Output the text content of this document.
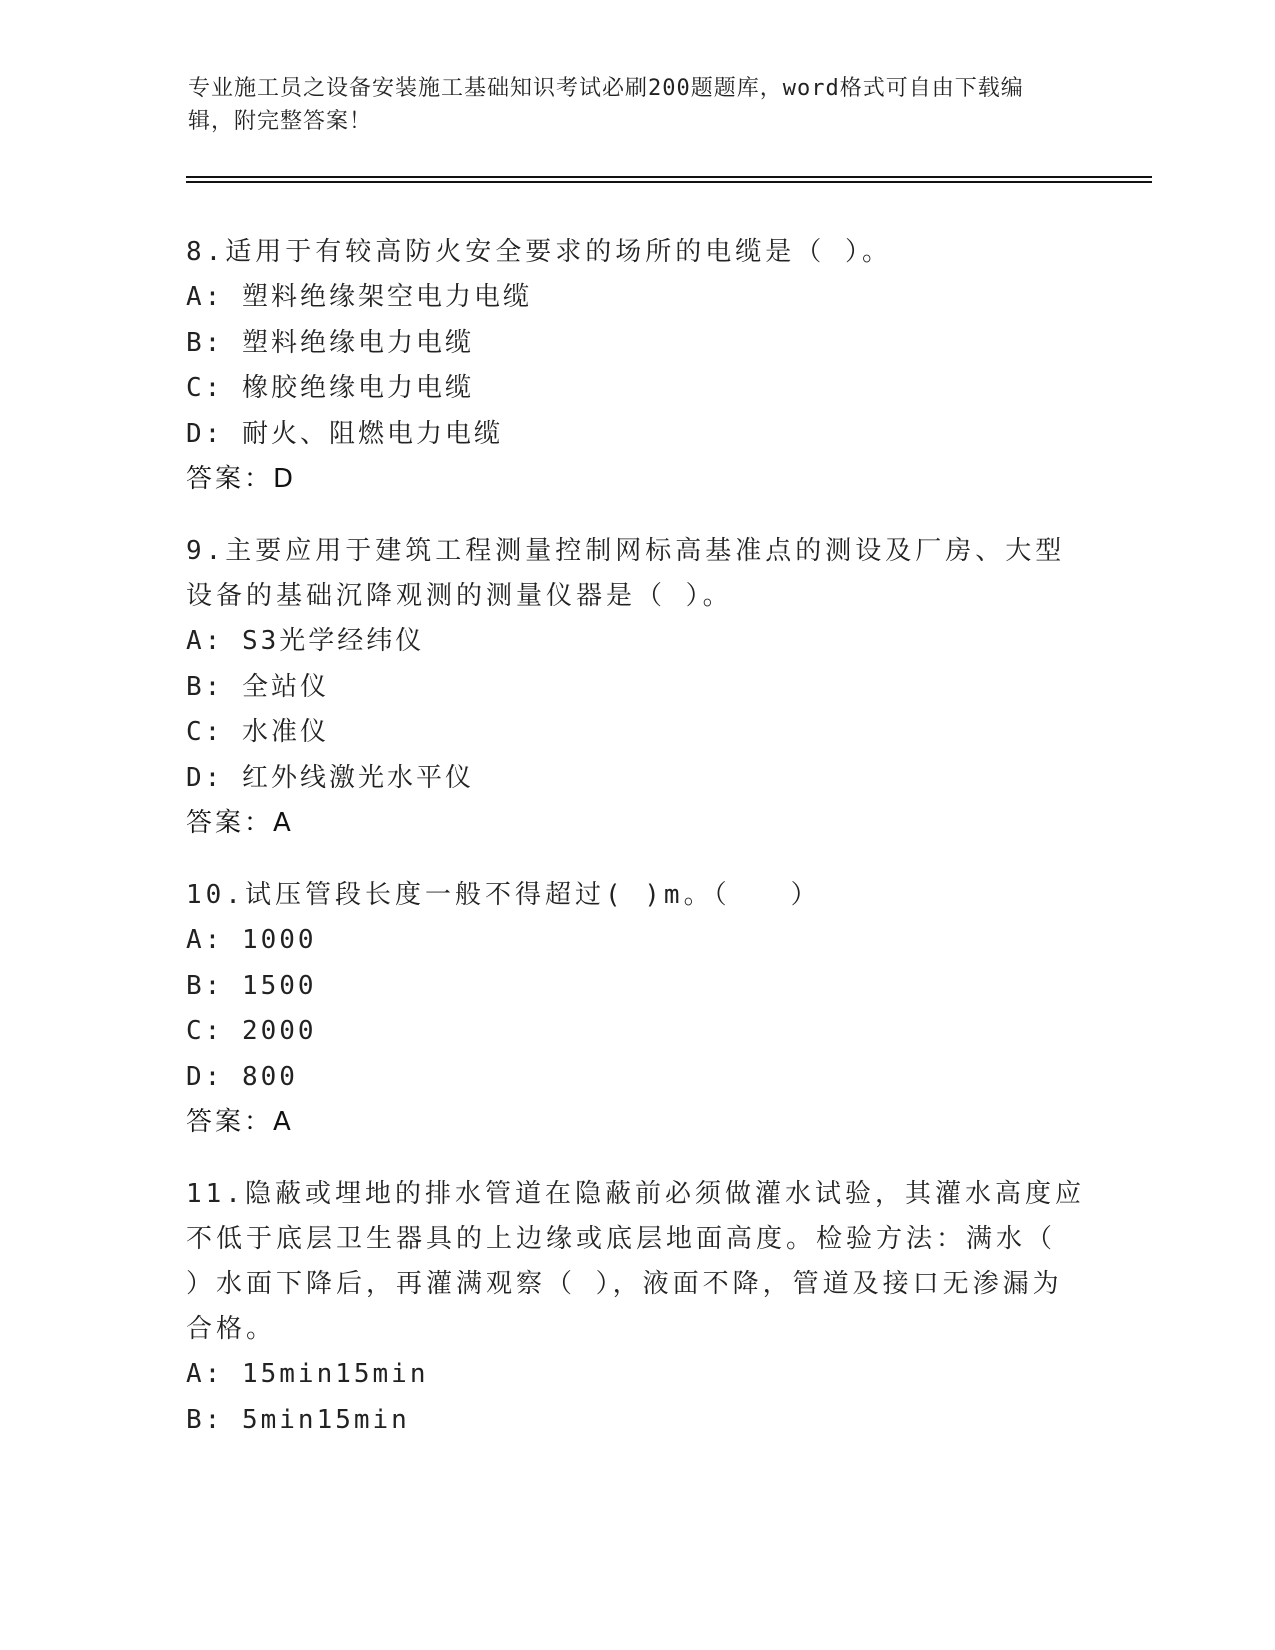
专业施工员之设备安装施工基础知识考试必刷200题题库，word格式可自由下载编辑，附完整答案！

8.适用于有较高防火安全要求的场所的电缆是（ ）。

A: 塑料绝缘架空电力电缆

B: 塑料绝缘电力电缆

C: 橡胶绝缘电力电缆

D: 耐火、阻燃电力电缆

答案：D

9.主要应用于建筑工程测量控制网标高基准点的测设及厂房、大型设备的基础沉降观测的测量仪器是（ ）。

A: S3光学经纬仪

B: 全站仪

C: 水准仪

D: 红外线激光水平仪

答案：A

10.试压管段长度一般不得超过( )m。（　　）

A: 1000

B: 1500

C: 2000

D: 800

答案：A

11.隐蔽或埋地的排水管道在隐蔽前必须做灌水试验，其灌水高度应不低于底层卫生器具的上边缘或底层地面高度。检验方法：满水（ ）水面下降后，再灌满观察（ ），液面不降，管道及接口无渗漏为合格。

A: 15min15min

B: 5min15min
